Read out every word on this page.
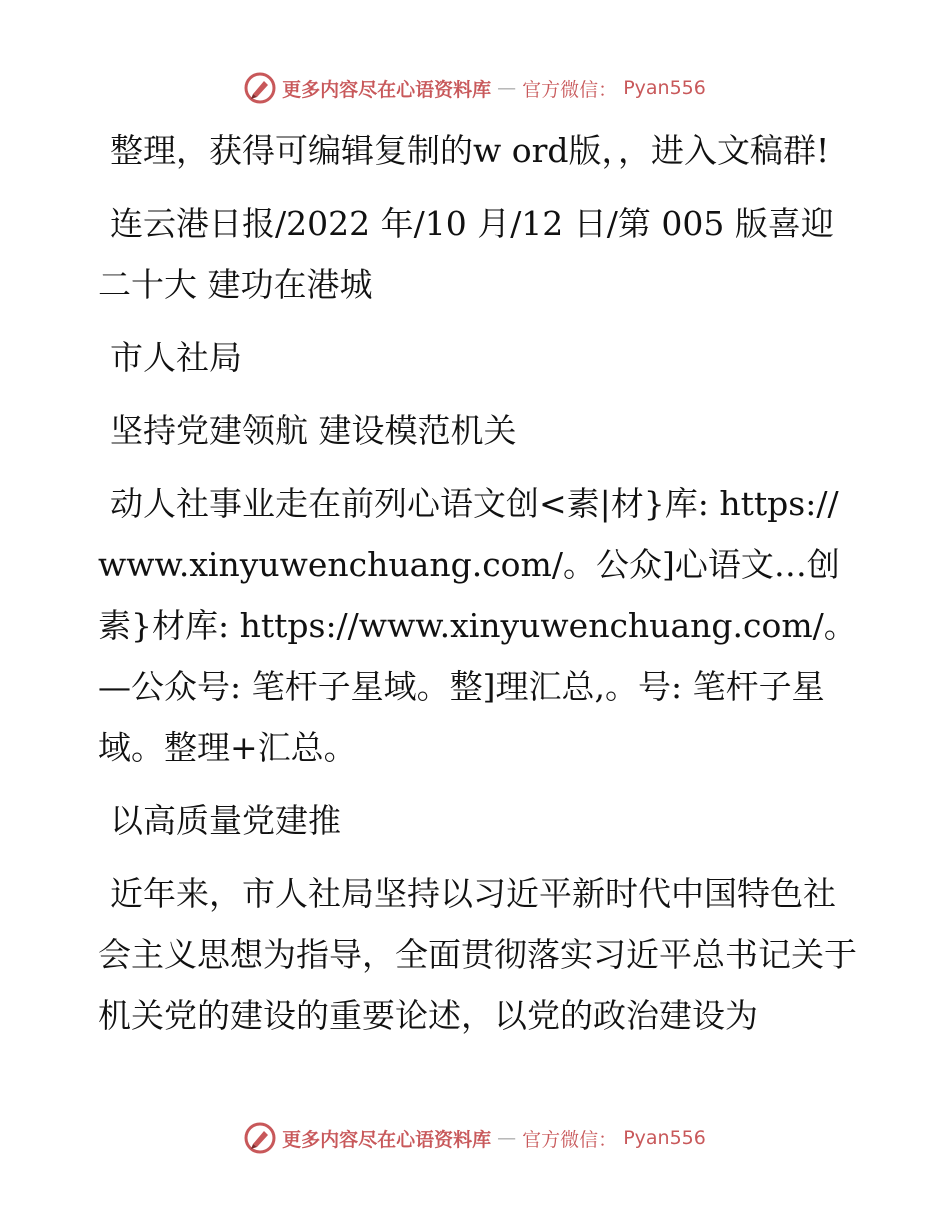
更多内容尽在心语资料库 — 官方微信： Pyan556

整理，获得可编辑复制的w ord版，，进入文稿群!

连云港日报/2022 年/10 月/12 日/第 005 版喜迎二十大 建功在港城

市人社局

坚持党建领航 建设模范机关

动人社事业走在前列心语文创<素|材}库: https://www.xinyuwenchuang.com/。公众]心语文…创素}材库: https://www.xinyuwenchuang.com/。—公众号: 笔杆子星域。整]理汇总,。号: 笔杆子星域。整理+汇总。

以高质量党建推

近年来，市人社局坚持以习近平新时代中国特色社会主义思想为指导，全面贯彻落实习近平总书记关于机关党的建设的重要论述，以党的政治建设为

更多内容尽在心语资料库 — 官方微信： Pyan556
